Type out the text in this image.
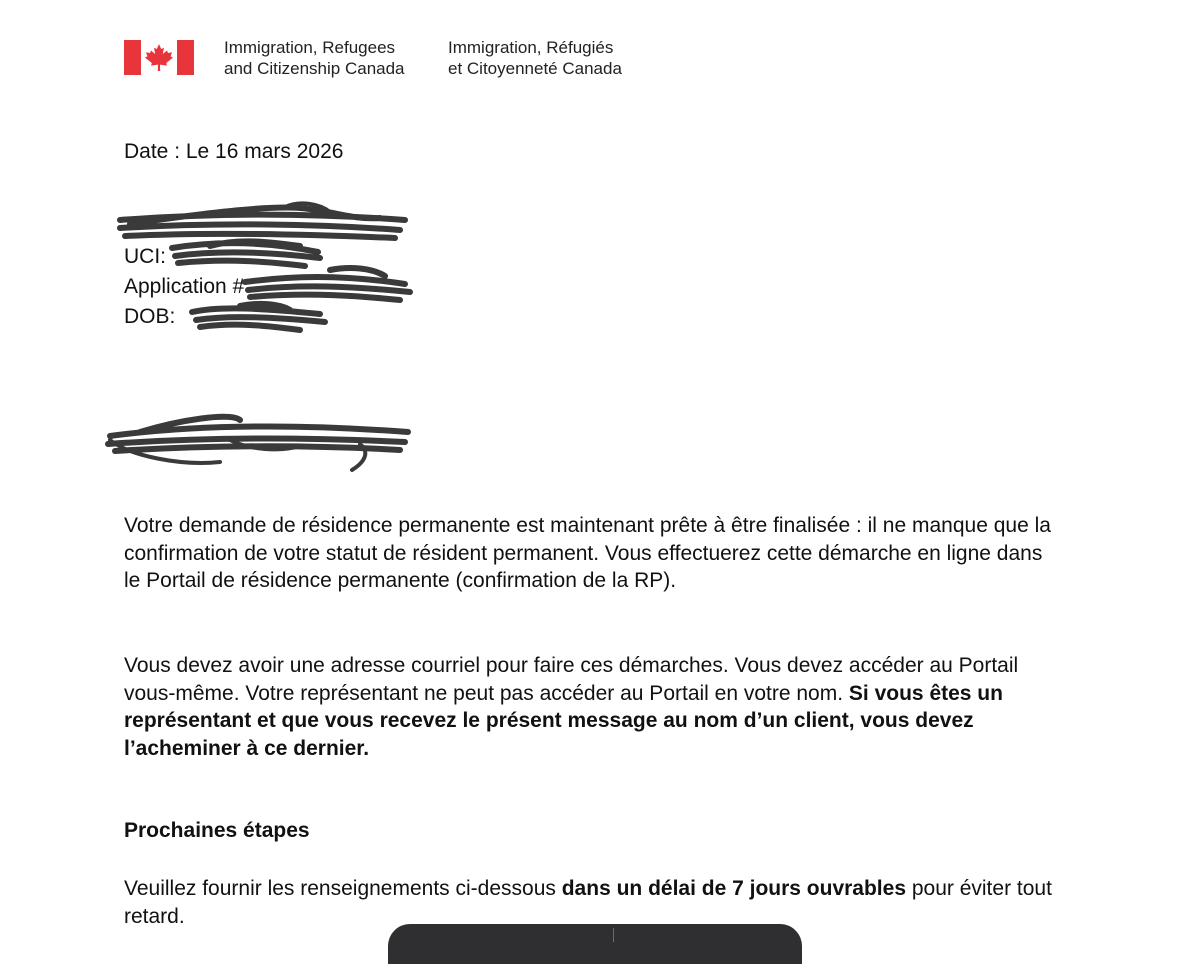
Immigration, Refugees
and Citizenship Canada
Immigration, Réfugiés
et Citoyenneté Canada
Date : Le 16 mars 2026
UCI:
Application #
DOB:
Votre demande de résidence permanente est maintenant prête à être finalisée : il ne manque que la confirmation de votre statut de résident permanent. Vous effectuerez cette démarche en ligne dans le Portail de résidence permanente (confirmation de la RP).
Vous devez avoir une adresse courriel pour faire ces démarches. Vous devez accéder au Portail vous-même. Votre représentant ne peut pas accéder au Portail en votre nom. Si vous êtes un représentant et que vous recevez le présent message au nom d’un client, vous devez l’acheminer à ce dernier.
Prochaines étapes
Veuillez fournir les renseignements ci-dessous dans un délai de 7 jours ouvrables pour éviter tout retard.
